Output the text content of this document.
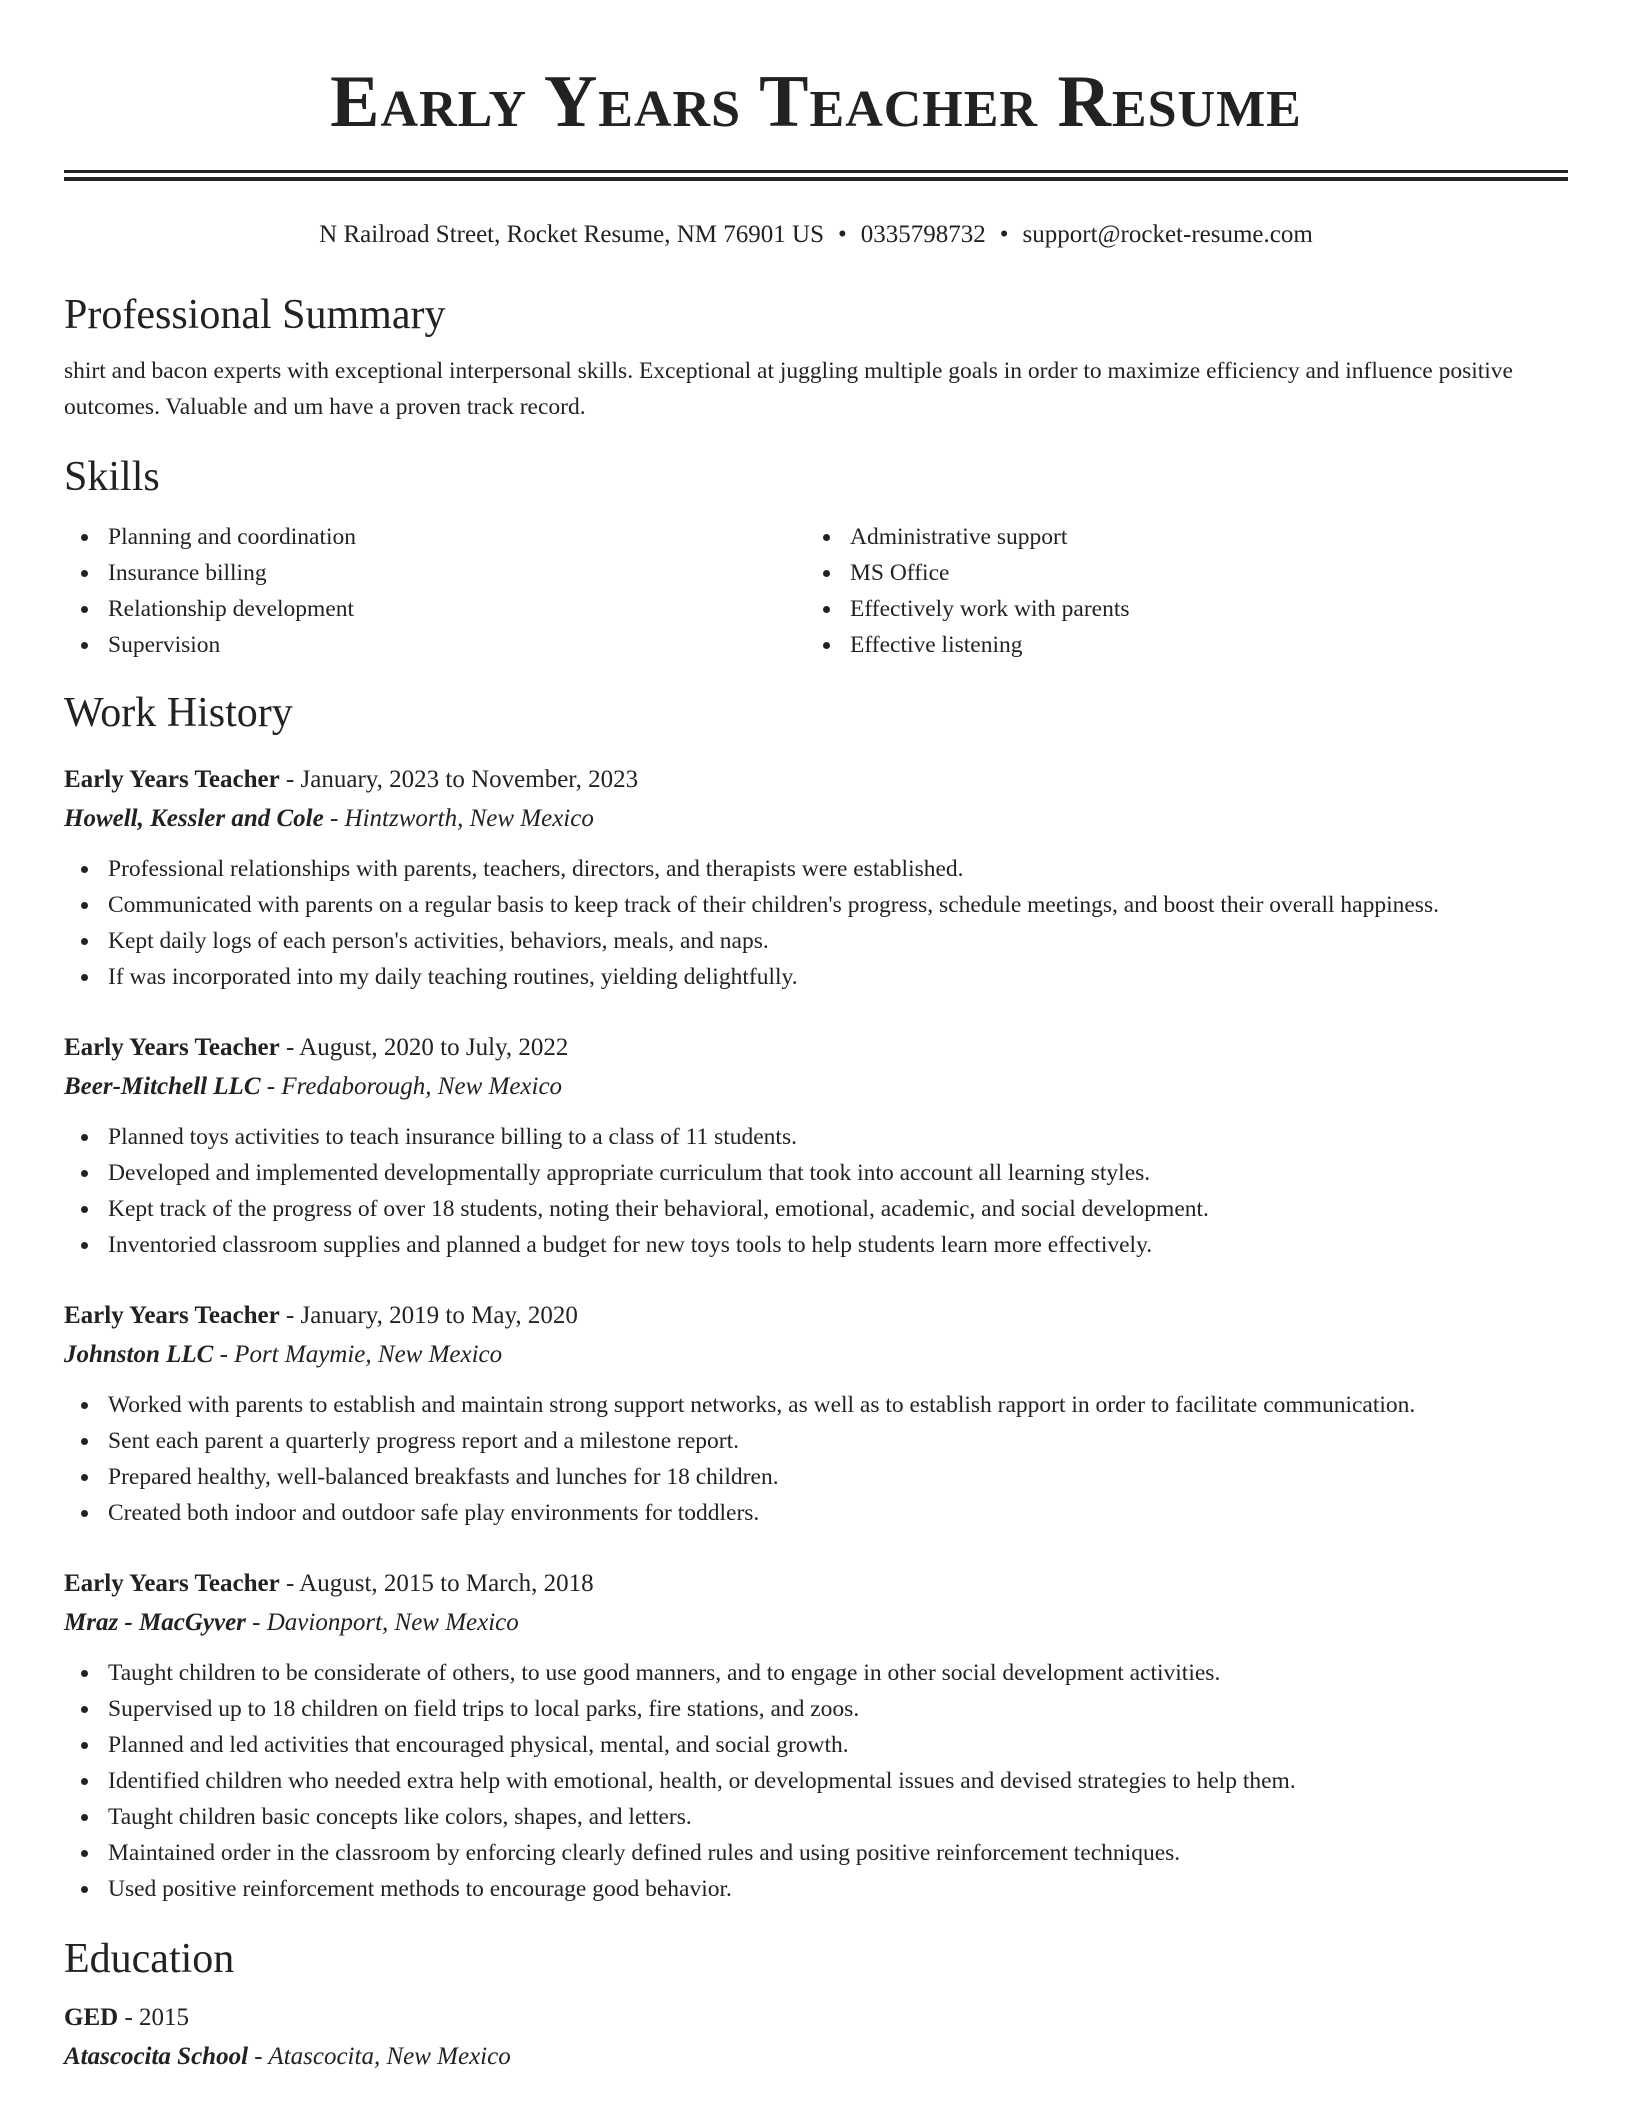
Early Years Teacher Resume
N Railroad Street, Rocket Resume, NM 76901 US • 0335798732 • support@rocket-resume.com
Professional Summary
shirt and bacon experts with exceptional interpersonal skills. Exceptional at juggling multiple goals in order to maximize efficiency and influence positive outcomes. Valuable and um have a proven track record.
Skills
Planning and coordination
Insurance billing
Relationship development
Supervision
Administrative support
MS Office
Effectively work with parents
Effective listening
Work History
Early Years Teacher - January, 2023 to November, 2023
Howell, Kessler and Cole - Hintzworth, New Mexico
Professional relationships with parents, teachers, directors, and therapists were established.
Communicated with parents on a regular basis to keep track of their children's progress, schedule meetings, and boost their overall happiness.
Kept daily logs of each person's activities, behaviors, meals, and naps.
If was incorporated into my daily teaching routines, yielding delightfully.
Early Years Teacher - August, 2020 to July, 2022
Beer-Mitchell LLC - Fredaborough, New Mexico
Planned toys activities to teach insurance billing to a class of 11 students.
Developed and implemented developmentally appropriate curriculum that took into account all learning styles.
Kept track of the progress of over 18 students, noting their behavioral, emotional, academic, and social development.
Inventoried classroom supplies and planned a budget for new toys tools to help students learn more effectively.
Early Years Teacher - January, 2019 to May, 2020
Johnston LLC - Port Maymie, New Mexico
Worked with parents to establish and maintain strong support networks, as well as to establish rapport in order to facilitate communication.
Sent each parent a quarterly progress report and a milestone report.
Prepared healthy, well-balanced breakfasts and lunches for 18 children.
Created both indoor and outdoor safe play environments for toddlers.
Early Years Teacher - August, 2015 to March, 2018
Mraz - MacGyver - Davionport, New Mexico
Taught children to be considerate of others, to use good manners, and to engage in other social development activities.
Supervised up to 18 children on field trips to local parks, fire stations, and zoos.
Planned and led activities that encouraged physical, mental, and social growth.
Identified children who needed extra help with emotional, health, or developmental issues and devised strategies to help them.
Taught children basic concepts like colors, shapes, and letters.
Maintained order in the classroom by enforcing clearly defined rules and using positive reinforcement techniques.
Used positive reinforcement methods to encourage good behavior.
Education
GED - 2015
Atascocita School - Atascocita, New Mexico
